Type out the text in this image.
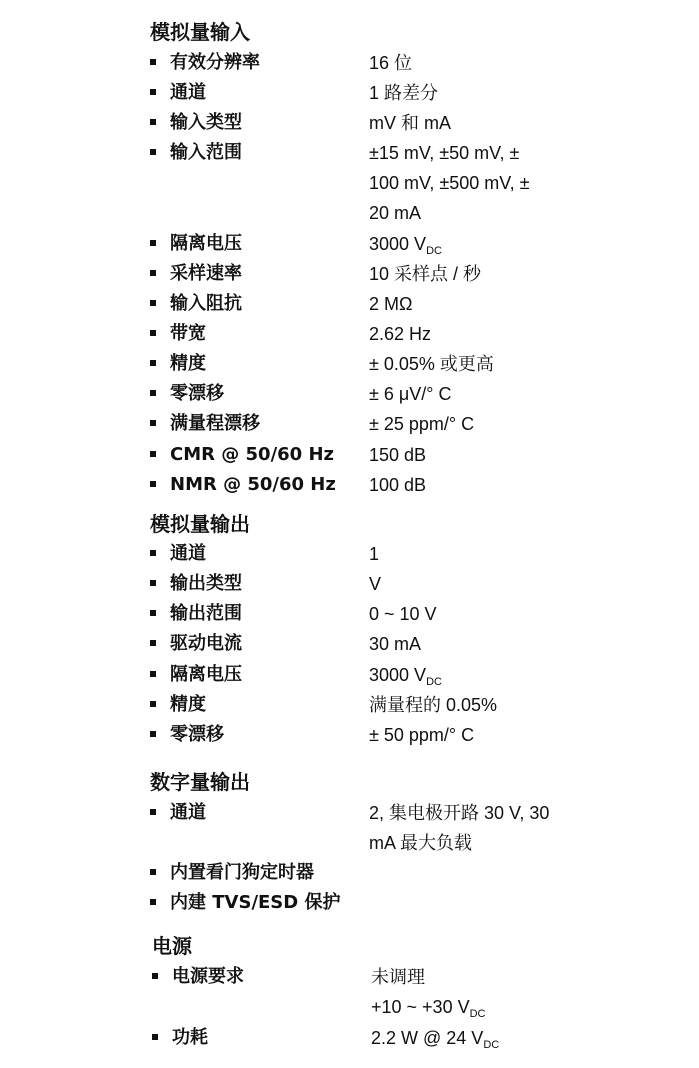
模拟量输入
有效分辨率	16 位
通道	1 路差分
输入类型	mV 和 mA
输入范围	±15 mV, ±50 mV, ±
100 mV, ±500 mV, ±
20 mA
隔离电压	3000 $V_{DC}$
采样速率	10 采样点 / 秒
输入阻抗	2 MΩ
带宽	2.62 Hz
精度	± 0.05% 或更高
零漂移	± 6 μV/° C
满量程漂移	± 25 ppm/° C
CMR @ 50/60 Hz 150 dB
NMR @ 50/60 Hz 100 dB
模拟量输出
通道	1
输出类型	V
输出范围	0 ~ 10 V
驱动电流	30 mA
隔离电压	3000 $V_{DC}$
精度	满量程的 0.05%
零漂移	± 50 ppm/° C
数字量输出
通道	2, 集电极开路 30 V, 30
mA 最大负载
内置看门狗定时器
内建 TVS/ESD 保护
电源
电源要求	未调理
+10 ~ +30 $V_{DC}$
功耗	2.2 W @ 24 $V_{DC}$
